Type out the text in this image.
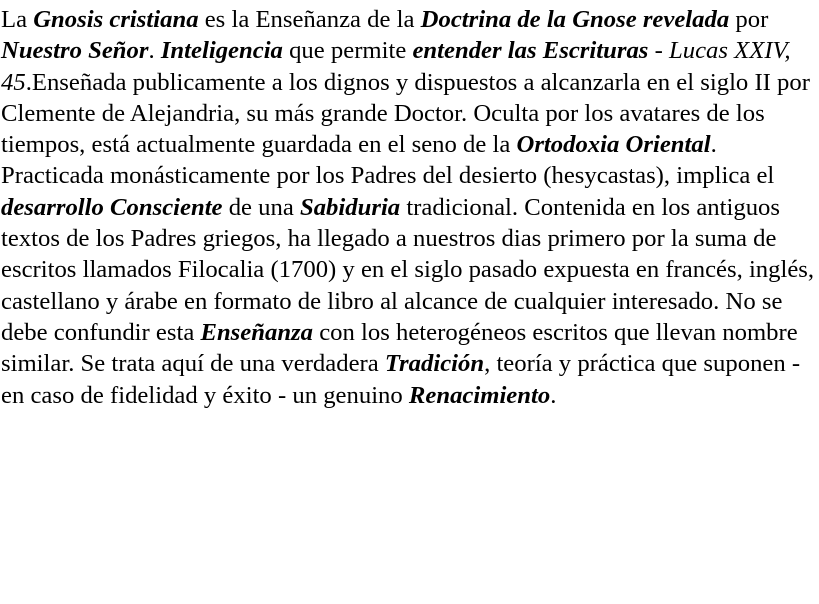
La Gnosis cristiana es la Enseñanza de la Doctrina de la Gnose revelada por Nuestro Señor. Inteligencia que permite entender las Escrituras - Lucas XXIV, 45.Enseñada publicamente a los dignos y dispuestos a alcanzarla en el siglo II por Clemente de Alejandria, su más grande Doctor. Oculta por los avatares de los tiempos, está actualmente guardada en el seno de la Ortodoxia Oriental. Practicada monásticamente por los Padres del desierto (hesycastas), implica el desarrollo Consciente de una Sabiduria tradicional. Contenida en los antiguos textos de los Padres griegos, ha llegado a nuestros dias primero por la suma de escritos llamados Filocalia (1700) y en el siglo pasado expuesta en francés, inglés, castellano y árabe en formato de libro al alcance de cualquier interesado. No se debe confundir esta Enseñanza con los heterogéneos escritos que llevan nombre similar. Se trata aquí de una verdadera Tradición, teoría y práctica que suponen - en caso de fidelidad y éxito - un genuino Renacimiento.
